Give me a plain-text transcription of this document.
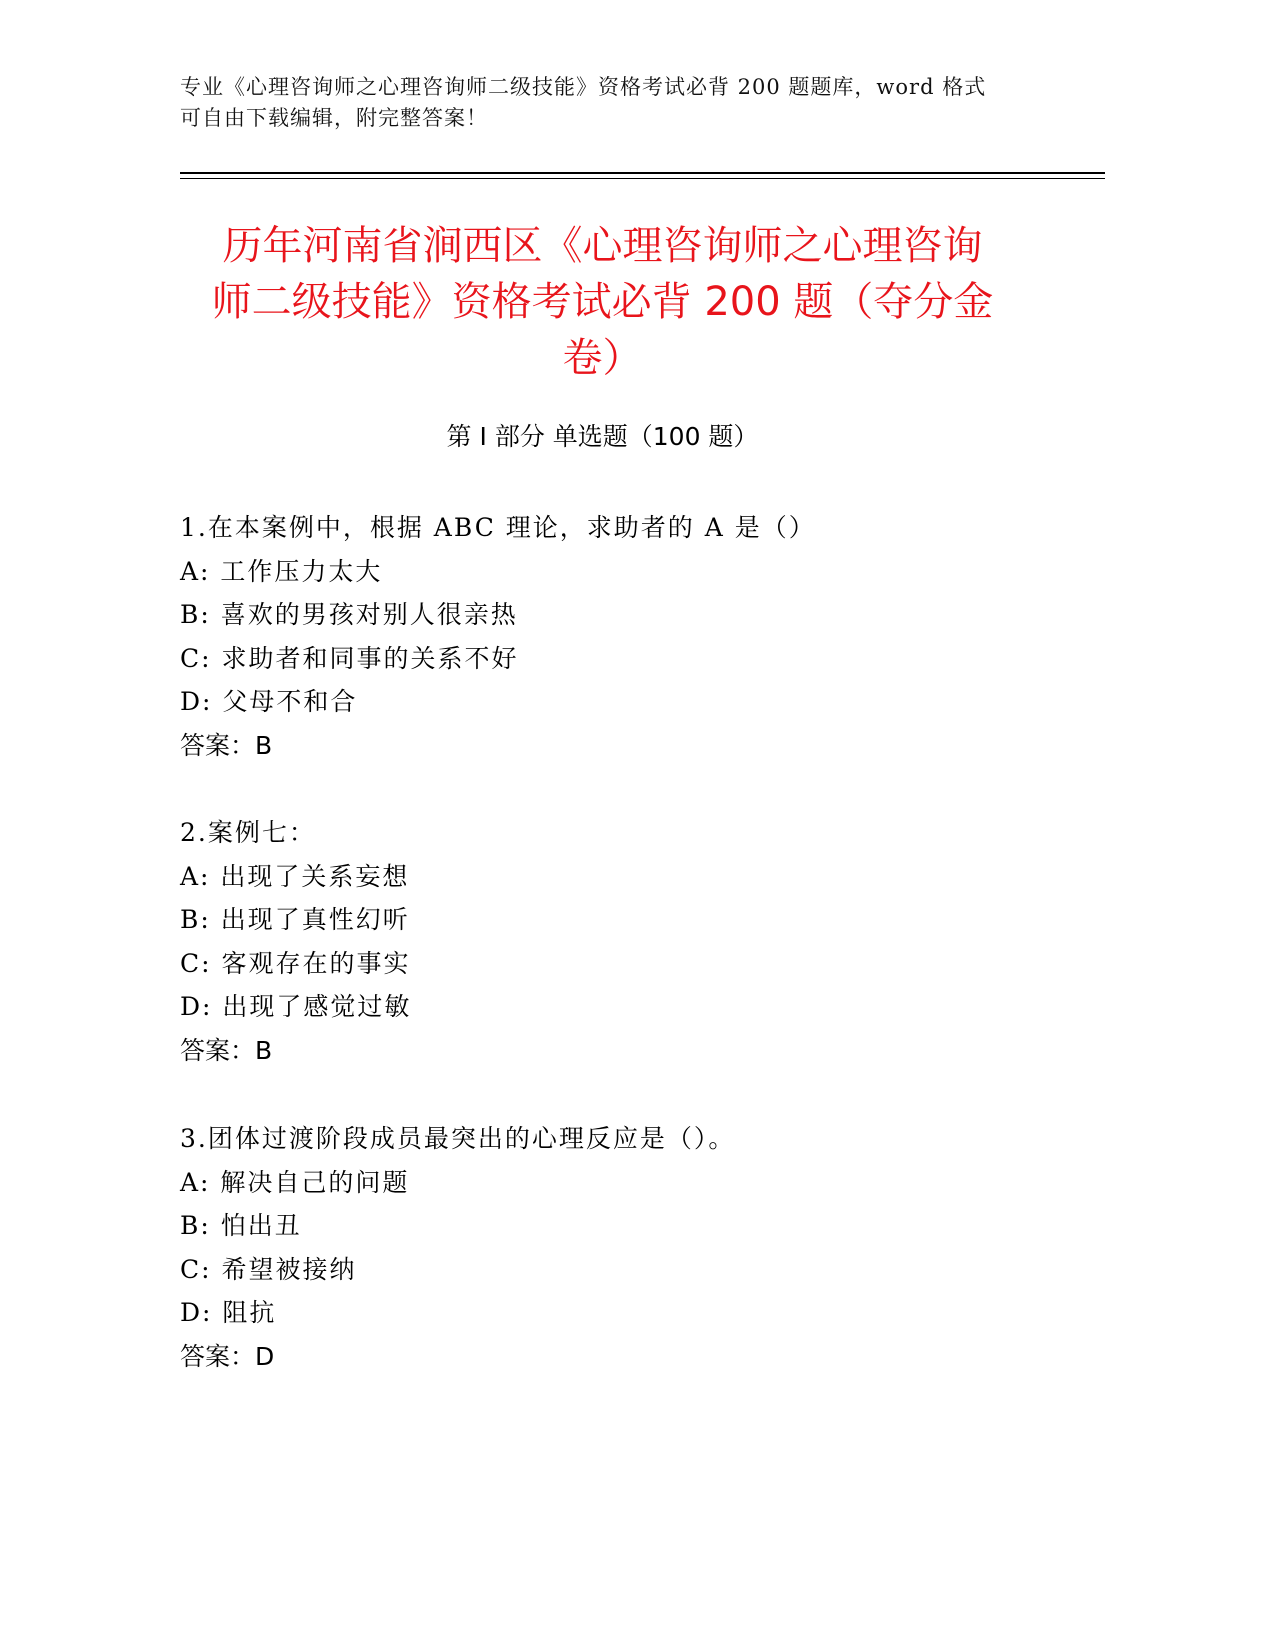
专业《心理咨询师之心理咨询师二级技能》资格考试必背 200 题题库，word 格式
可自由下载编辑，附完整答案！
历年河南省涧西区《心理咨询师之心理咨询
师二级技能》资格考试必背 200 题（夺分金
卷）
第 I 部分 单选题（100 题）
1.在本案例中，根据 ABC 理论，求助者的 A 是（）
A: 工作压力太大
B: 喜欢的男孩对别人很亲热
C: 求助者和同事的关系不好
D: 父母不和合
答案：B
2.案例七：
A: 出现了关系妄想
B: 出现了真性幻听
C: 客观存在的事实
D: 出现了感觉过敏
答案：B
3.团体过渡阶段成员最突出的心理反应是（）。
A: 解决自己的问题
B: 怕出丑
C: 希望被接纳
D: 阻抗
答案：D
